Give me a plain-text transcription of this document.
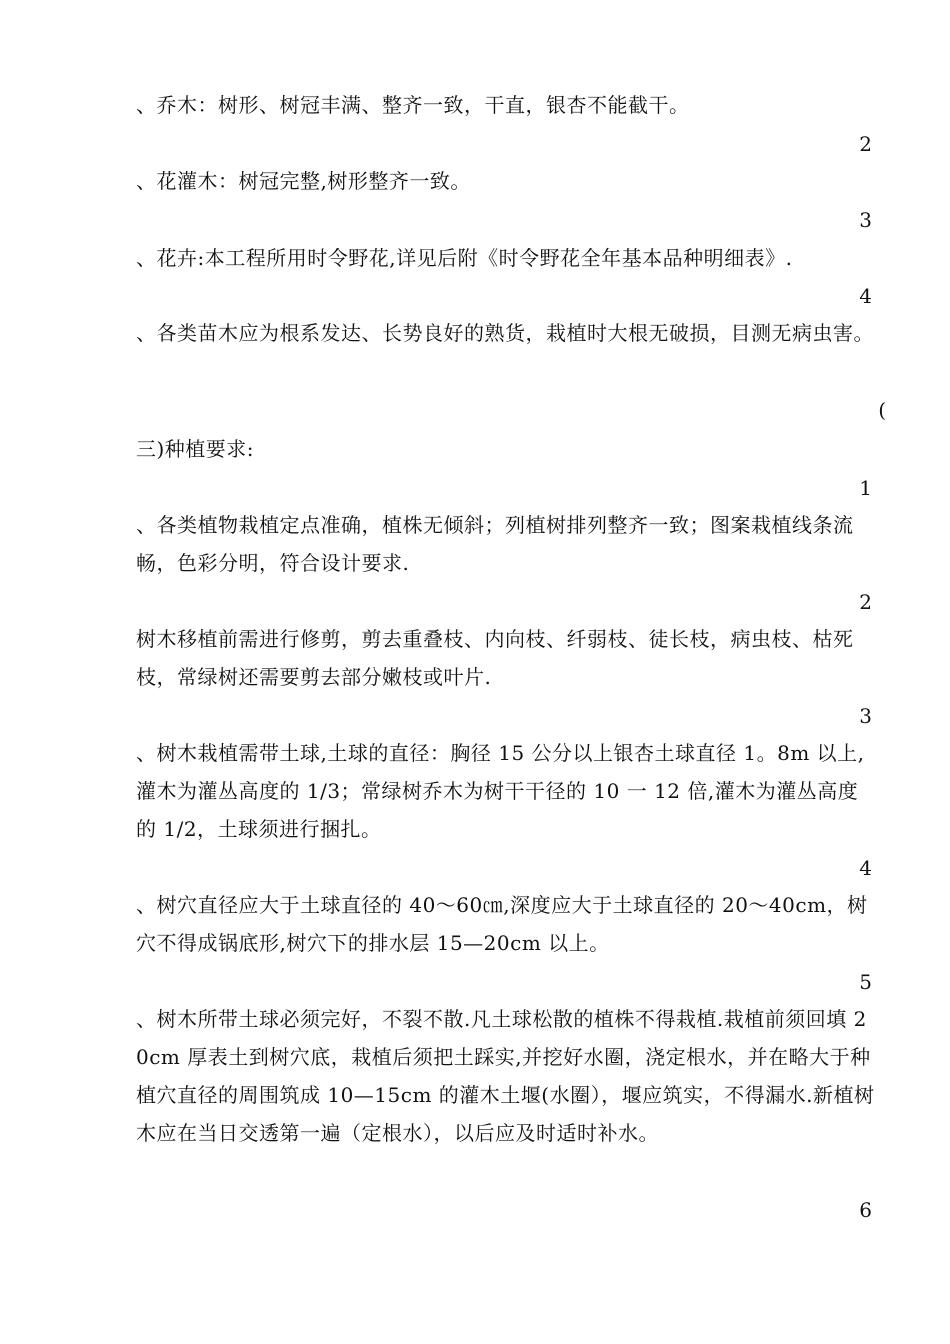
、乔木：树形、树冠丰满、整齐一致，干直，银杏不能截干。
2
、花灌木：树冠完整,树形整齐一致。
3
、花卉:本工程所用时令野花,详见后附《时令野花全年基本品种明细表》.
4
、各类苗木应为根系发达、长势良好的熟货，栽植时大根无破损，目测无病虫害。
(
三)种植要求:
1
、各类植物栽植定点准确，植株无倾斜；列植树排列整齐一致；图案栽植线条流畅，色彩分明，符合设计要求.
2
树木移植前需进行修剪，剪去重叠枝、内向枝、纤弱枝、徒长枝，病虫枝、枯死枝，常绿树还需要剪去部分嫩枝或叶片.
3
、树木栽植需带土球,土球的直径：胸径 15 公分以上银杏土球直径 1。8m 以上,灌木为灌丛高度的 1/3；常绿树乔木为树干干径的 10 一 12 倍,灌木为灌丛高度的 1/2，土球须进行捆扎。
4
、树穴直径应大于土球直径的 40～60㎝,深度应大于土球直径的 20～40cm，树穴不得成锅底形,树穴下的排水层 15—20cm 以上。
5
、树木所带土球必须完好，不裂不散.凡土球松散的植株不得栽植.栽植前须回填 20cm 厚表土到树穴底，栽植后须把土踩实,并挖好水圈，浇定根水，并在略大于种植穴直径的周围筑成 10—15cm 的灌木土堰(水圈），堰应筑实，不得漏水.新植树木应在当日交透第一遍（定根水），以后应及时适时补水。
6
